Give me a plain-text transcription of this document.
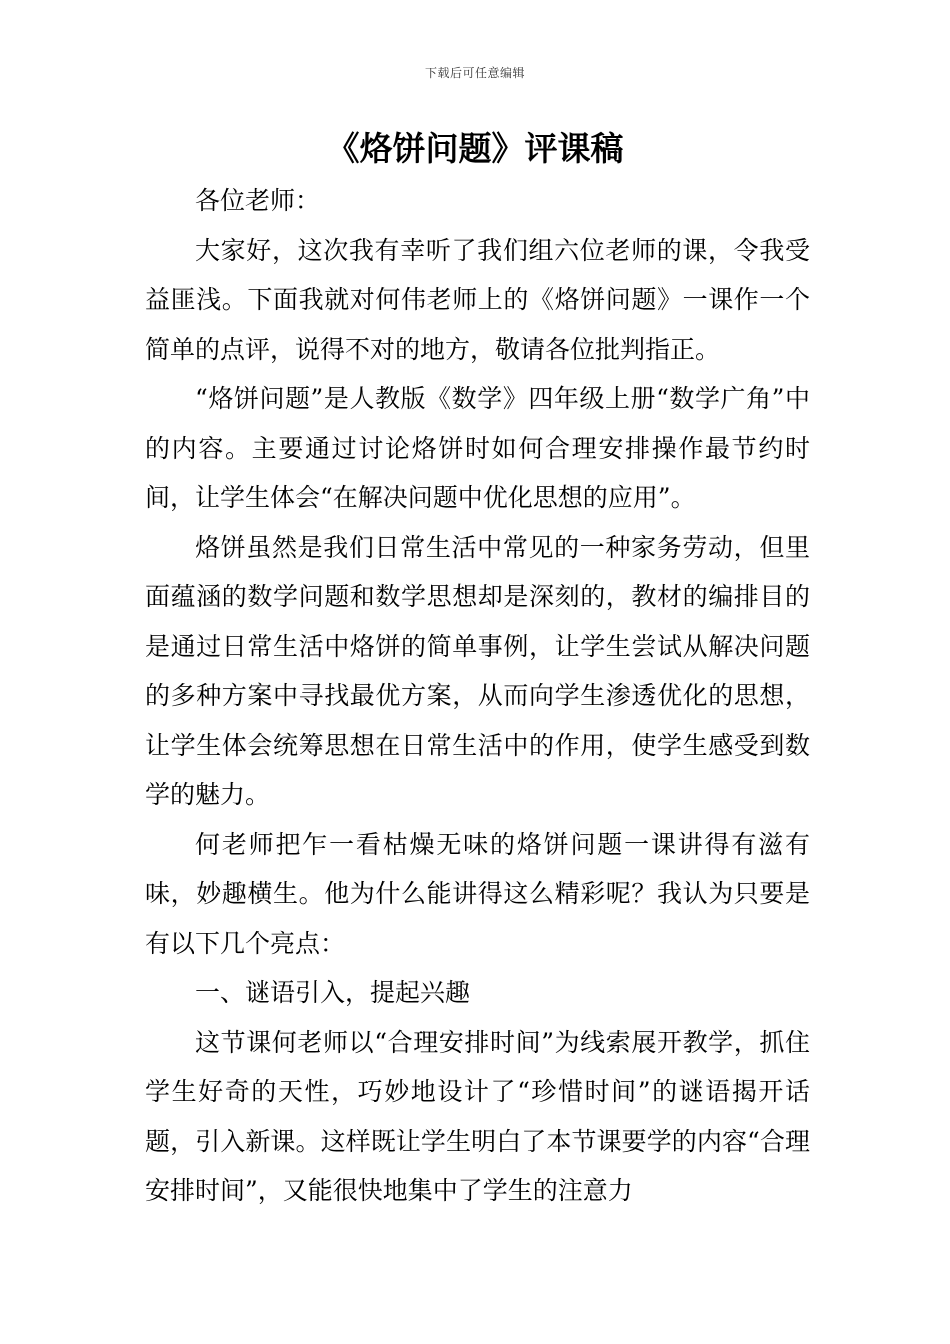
下载后可任意编辑
《烙饼问题》评课稿

各位老师：

大家好，这次我有幸听了我们组六位老师的课，令我受益匪浅。下面我就对何伟老师上的《烙饼问题》一课作一个简单的点评，说得不对的地方，敬请各位批判指正。

“烙饼问题”是人教版《数学》四年级上册“数学广角”中的内容。主要通过讨论烙饼时如何合理安排操作最节约时间，让学生体会“在解决问题中优化思想的应用”。

烙饼虽然是我们日常生活中常见的一种家务劳动，但里面蕴涵的数学问题和数学思想却是深刻的，教材的编排目的是通过日常生活中烙饼的简单事例，让学生尝试从解决问题的多种方案中寻找最优方案，从而向学生渗透优化的思想，让学生体会统筹思想在日常生活中的作用，使学生感受到数学的魅力。

何老师把乍一看枯燥无味的烙饼问题一课讲得有滋有味，妙趣横生。他为什么能讲得这么精彩呢？我认为只要是有以下几个亮点：

一、谜语引入，提起兴趣

这节课何老师以“合理安排时间”为线索展开教学，抓住学生好奇的天性，巧妙地设计了“珍惜时间”的谜语揭开话题，引入新课。这样既让学生明白了本节课要学的内容“合理安排时间”，又能很快地集中了学生的注意力
